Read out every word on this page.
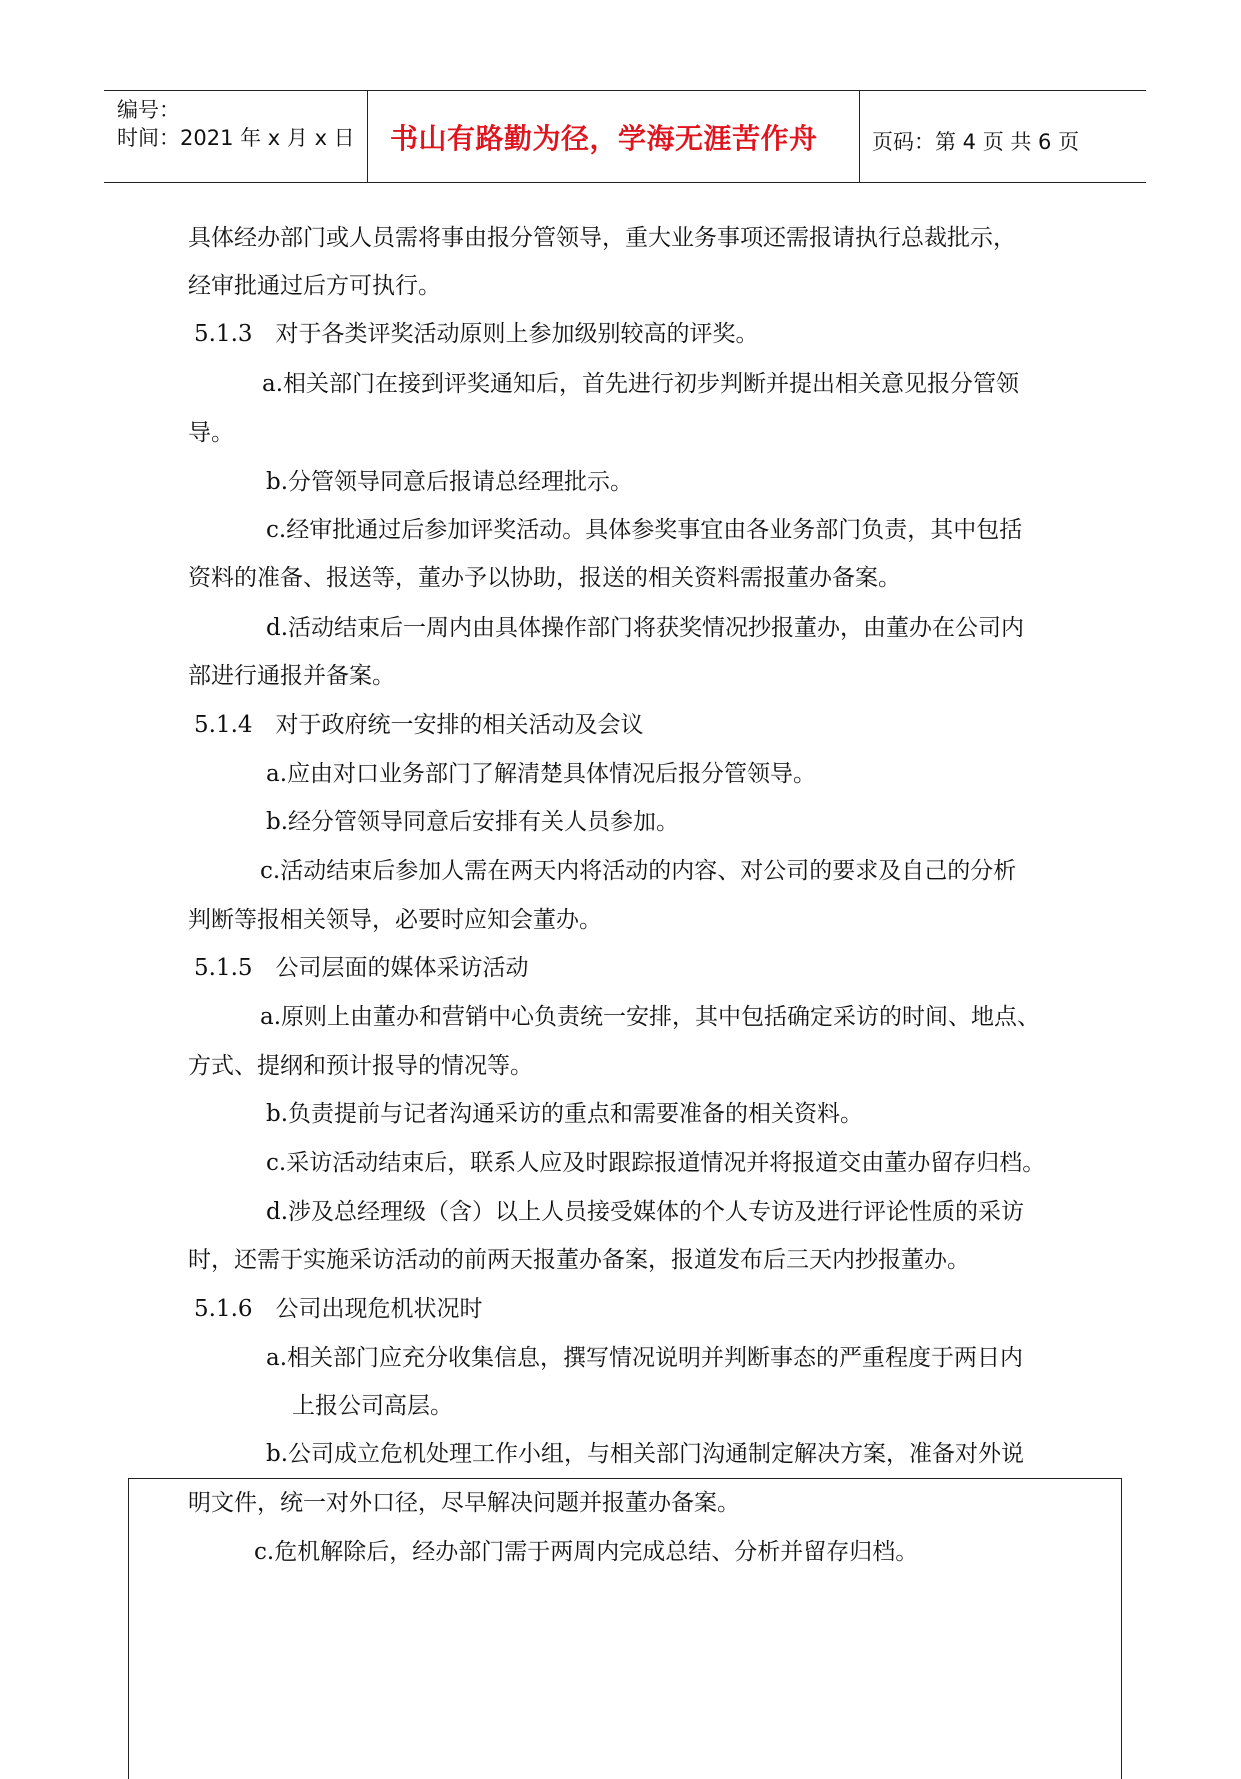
编号：
时间：2021 年 x 月 x 日 书山有路勤为径，学海无涯苦作舟	页码：第 4 页 共 6 页
具体经办部门或人员需将事由报分管领导，重大业务事项还需报请执行总裁批示，
经审批通过后方可执行。
5.1.3　对于各类评奖活动原则上参加级别较高的评奖。
a.相关部门在接到评奖通知后，首先进行初步判断并提出相关意见报分管领
导。
b.分管领导同意后报请总经理批示。
c.经审批通过后参加评奖活动。具体参奖事宜由各业务部门负责，其中包括
资料的准备、报送等，董办予以协助，报送的相关资料需报董办备案。
d.活动结束后一周内由具体操作部门将获奖情况抄报董办，由董办在公司内
部进行通报并备案。
5.1.4　对于政府统一安排的相关活动及会议
a.应由对口业务部门了解清楚具体情况后报分管领导。
b.经分管领导同意后安排有关人员参加。
c.活动结束后参加人需在两天内将活动的内容、对公司的要求及自己的分析
判断等报相关领导，必要时应知会董办。
5.1.5　公司层面的媒体采访活动
a.原则上由董办和营销中心负责统一安排，其中包括确定采访的时间、地点、
方式、提纲和预计报导的情况等。
b.负责提前与记者沟通采访的重点和需要准备的相关资料。
c.采访活动结束后，联系人应及时跟踪报道情况并将报道交由董办留存归档。
d.涉及总经理级（含）以上人员接受媒体的个人专访及进行评论性质的采访
时，还需于实施采访活动的前两天报董办备案，报道发布后三天内抄报董办。
5.1.6　公司出现危机状况时
a.相关部门应充分收集信息，撰写情况说明并判断事态的严重程度于两日内
上报公司高层。
b.公司成立危机处理工作小组，与相关部门沟通制定解决方案，准备对外说
明文件，统一对外口径，尽早解决问题并报董办备案。
c.危机解除后，经办部门需于两周内完成总结、分析并留存归档。
